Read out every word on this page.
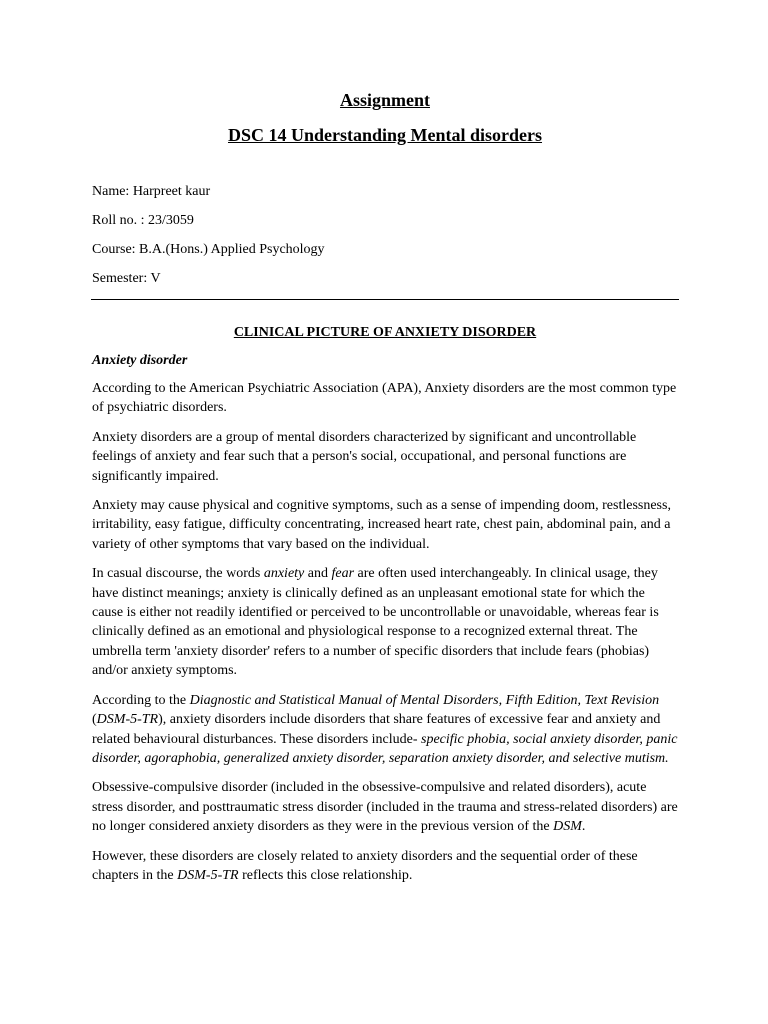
Assignment

DSC 14 Understanding Mental disorders

Name: Harpreet kaur

Roll no. : 23/3059

Course: B.A.(Hons.) Applied Psychology

Semester: V

CLINICAL PICTURE OF ANXIETY DISORDER

Anxiety disorder

According to the American Psychiatric Association (APA), Anxiety disorders are the most common type of psychiatric disorders.

Anxiety disorders are a group of mental disorders characterized by significant and uncontrollable feelings of anxiety and fear such that a person's social, occupational, and personal functions are significantly impaired.

Anxiety may cause physical and cognitive symptoms, such as a sense of impending doom, restlessness, irritability, easy fatigue, difficulty concentrating, increased heart rate, chest pain, abdominal pain, and a variety of other symptoms that vary based on the individual.

In casual discourse, the words anxiety and fear are often used interchangeably. In clinical usage, they have distinct meanings; anxiety is clinically defined as an unpleasant emotional state for which the cause is either not readily identified or perceived to be uncontrollable or unavoidable, whereas fear is clinically defined as an emotional and physiological response to a recognized external threat. The umbrella term 'anxiety disorder' refers to a number of specific disorders that include fears (phobias) and/or anxiety symptoms.

According to the Diagnostic and Statistical Manual of Mental Disorders, Fifth Edition, Text Revision (DSM-5-TR), anxiety disorders include disorders that share features of excessive fear and anxiety and related behavioural disturbances. These disorders include- specific phobia, social anxiety disorder, panic disorder, agoraphobia, generalized anxiety disorder, separation anxiety disorder, and selective mutism.

Obsessive-compulsive disorder (included in the obsessive-compulsive and related disorders), acute stress disorder, and posttraumatic stress disorder (included in the trauma and stress-related disorders) are no longer considered anxiety disorders as they were in the previous version of the DSM.

However, these disorders are closely related to anxiety disorders and the sequential order of these chapters in the DSM-5-TR reflects this close relationship.
